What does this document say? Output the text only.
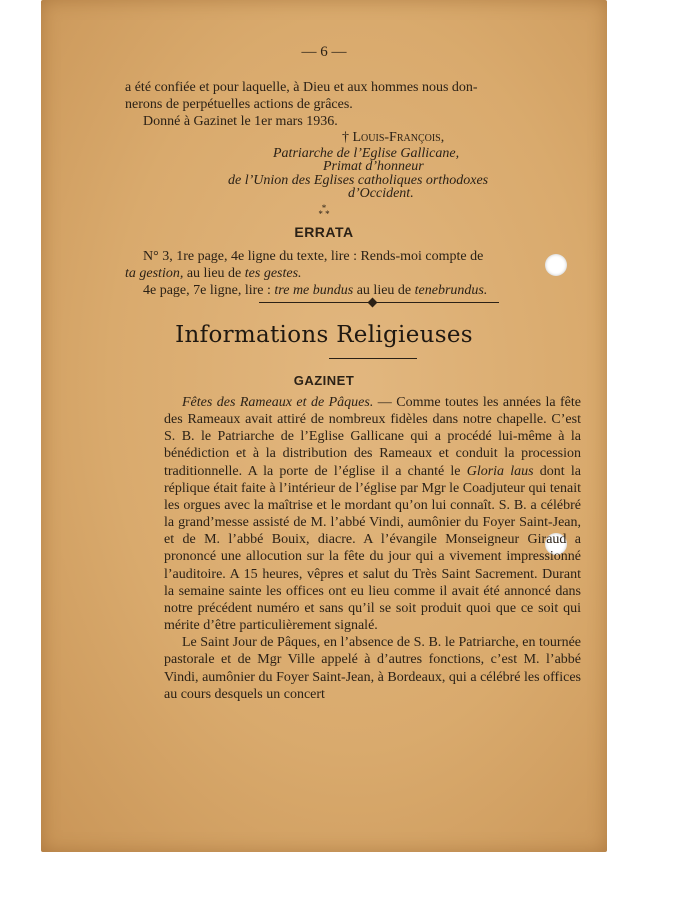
— 6 —
a été confiée et pour laquelle, à Dieu et aux hommes nous don-
nerons de perpétuelles actions de grâces.
Donné à Gazinet le 1er mars 1936.
† Louis-François,
Patriarche de l’Eglise Gallicane,
Primat d’honneur
de l’Union des Eglises catholiques orthodoxes
d’Occident.
*
* *
ERRATA
N° 3, 1re page, 4e ligne du texte, lire : Rends-moi compte de
ta gestion, au lieu de tes gestes.
4e page, 7e ligne, lire : tre me bundus au lieu de tenebrundus.
Informations Religieuses
GAZINET

Fêtes des Rameaux et de Pâques. — Comme toutes les années la fête des Rameaux avait attiré de nombreux fidèles dans notre chapelle. C’est S. B. le Patriarche de l’Eglise Gallicane qui a procédé lui-même à la bénédiction et à la distribution des Rameaux et conduit la procession traditionnelle. A la porte de l’église il a chanté le Gloria laus dont la réplique était faite à l’intérieur de l’église par Mgr le Coadjuteur qui tenait les orgues avec la maîtrise et le mordant qu’on lui connaît. S. B. a célébré la grand’messe assisté de M. l’abbé Vindi, aumônier du Foyer Saint-Jean, et de M. l’abbé Bouix, diacre. A l’évangile Monseigneur Giraud a prononcé une allocution sur la fête du jour qui a vivement impressionné l’auditoire. A 15 heures, vêpres et salut du Très Saint Sacrement. Durant la semaine sainte les offices ont eu lieu comme il avait été annoncé dans notre précédent numéro et sans qu’il se soit produit quoi que ce soit qui mérite d’être particulièrement signalé.

Le Saint Jour de Pâques, en l’absence de S. B. le Patriarche, en tournée pastorale et de Mgr Ville appelé à d’autres fonctions, c’est M. l’abbé Vindi, aumônier du Foyer Saint-Jean, à Bordeaux, qui a célébré les offices au cours desquels un concert
